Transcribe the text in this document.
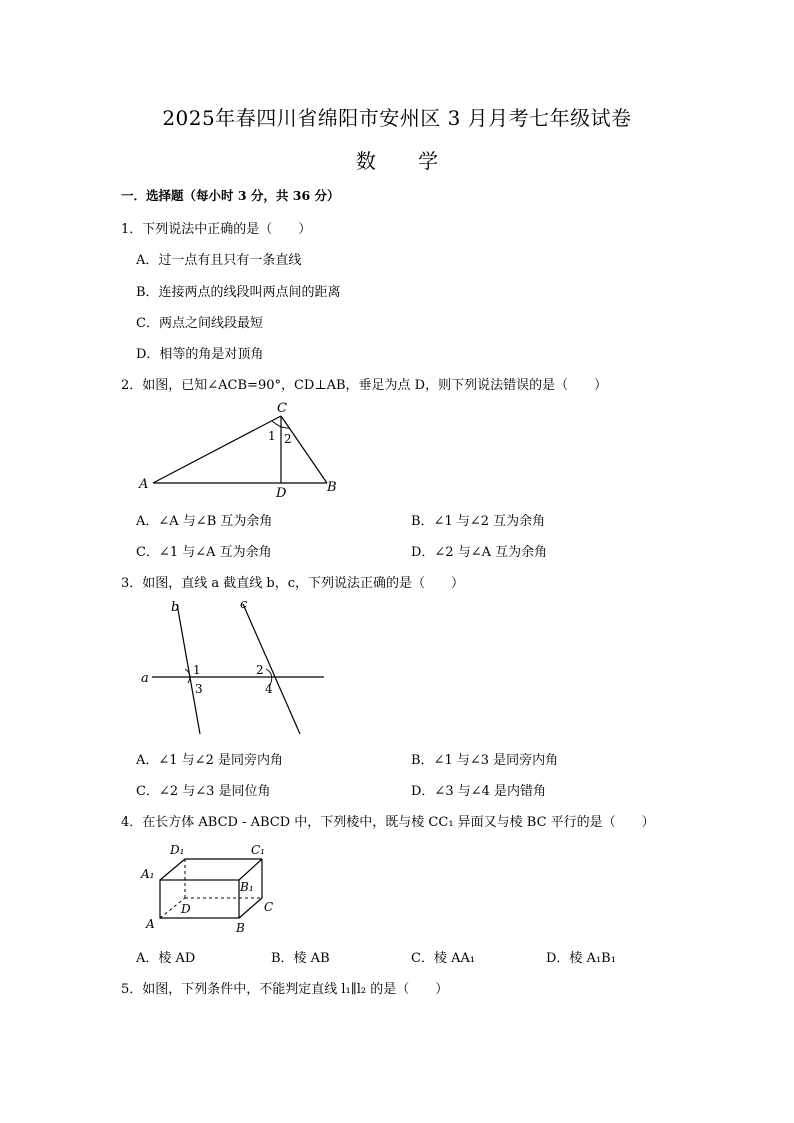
2025年春四川省绵阳市安州区 3 月月考七年级试卷
数 学
一．选择题（每小时 3 分，共 36 分）
1．下列说法中正确的是（　　）
A．过一点有且只有一条直线
B．连接两点的线段叫两点间的距离
C．两点之间线段最短
D．相等的角是对顶角
2．如图，已知∠ACB=90°，CD⊥AB，垂足为点 D，则下列说法错误的是（　　）
A	B
C
D
1 2
A．∠A 与∠B 互为余角	B．∠1 与∠2 互为余角
C．∠1 与∠A 互为余角	D．∠2 与∠A 互为余角
3．如图，直线 a 截直线 b，c，下列说法正确的是（　　）
a
b	c
1	2
3	4
A．∠1 与∠2 是同旁内角	B．∠1 与∠3 是同旁内角
C．∠2 与∠3 是同位角	D．∠3 与∠4 是内错角
4．在长方体 ABCD - ABCD 中，下列棱中，既与棱 CC₁ 异面又与棱 BC 平行的是（　　）
D₁	C₁
A₁
B₁
C
D
A	B
A．棱 AD	B．棱 AB	C．棱 AA₁	D．棱 A₁B₁
5．如图，下列条件中，不能判定直线 l₁∥l₂ 的是（　　）
